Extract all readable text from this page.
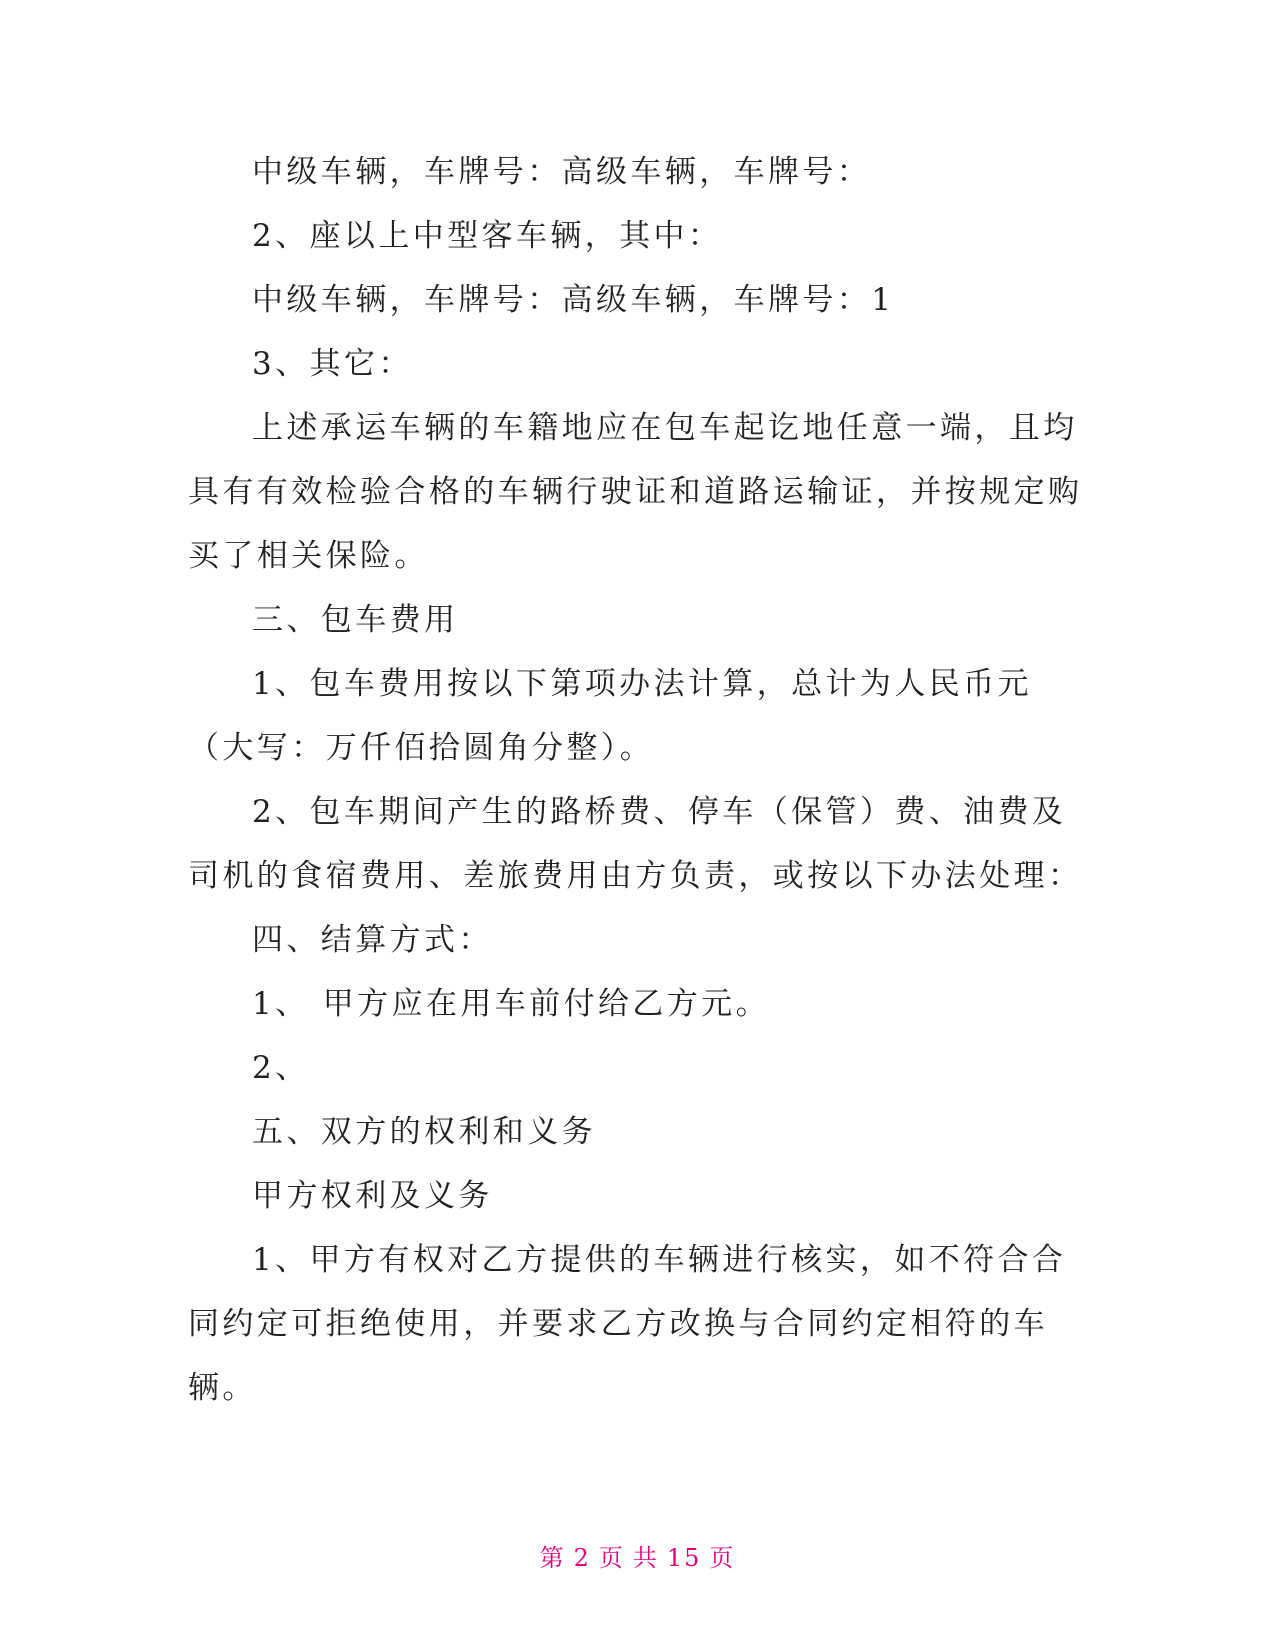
中级车辆，车牌号：高级车辆，车牌号：

2、座以上中型客车辆，其中：

中级车辆，车牌号：高级车辆，车牌号：1

3、其它：

上述承运车辆的车籍地应在包车起讫地任意一端，且均具有有效检验合格的车辆行驶证和道路运输证，并按规定购买了相关保险。

三、包车费用

1、包车费用按以下第项办法计算，总计为人民币元（大写：万仟佰拾圆角分整）。

2、包车期间产生的路桥费、停车（保管）费、油费及司机的食宿费用、差旅费用由方负责，或按以下办法处理：

四、结算方式：

1、 甲方应在用车前付给乙方元。

2、

五、双方的权利和义务

甲方权利及义务

1、甲方有权对乙方提供的车辆进行核实，如不符合合同约定可拒绝使用，并要求乙方改换与合同约定相符的车辆。

第 2 页 共 15 页
